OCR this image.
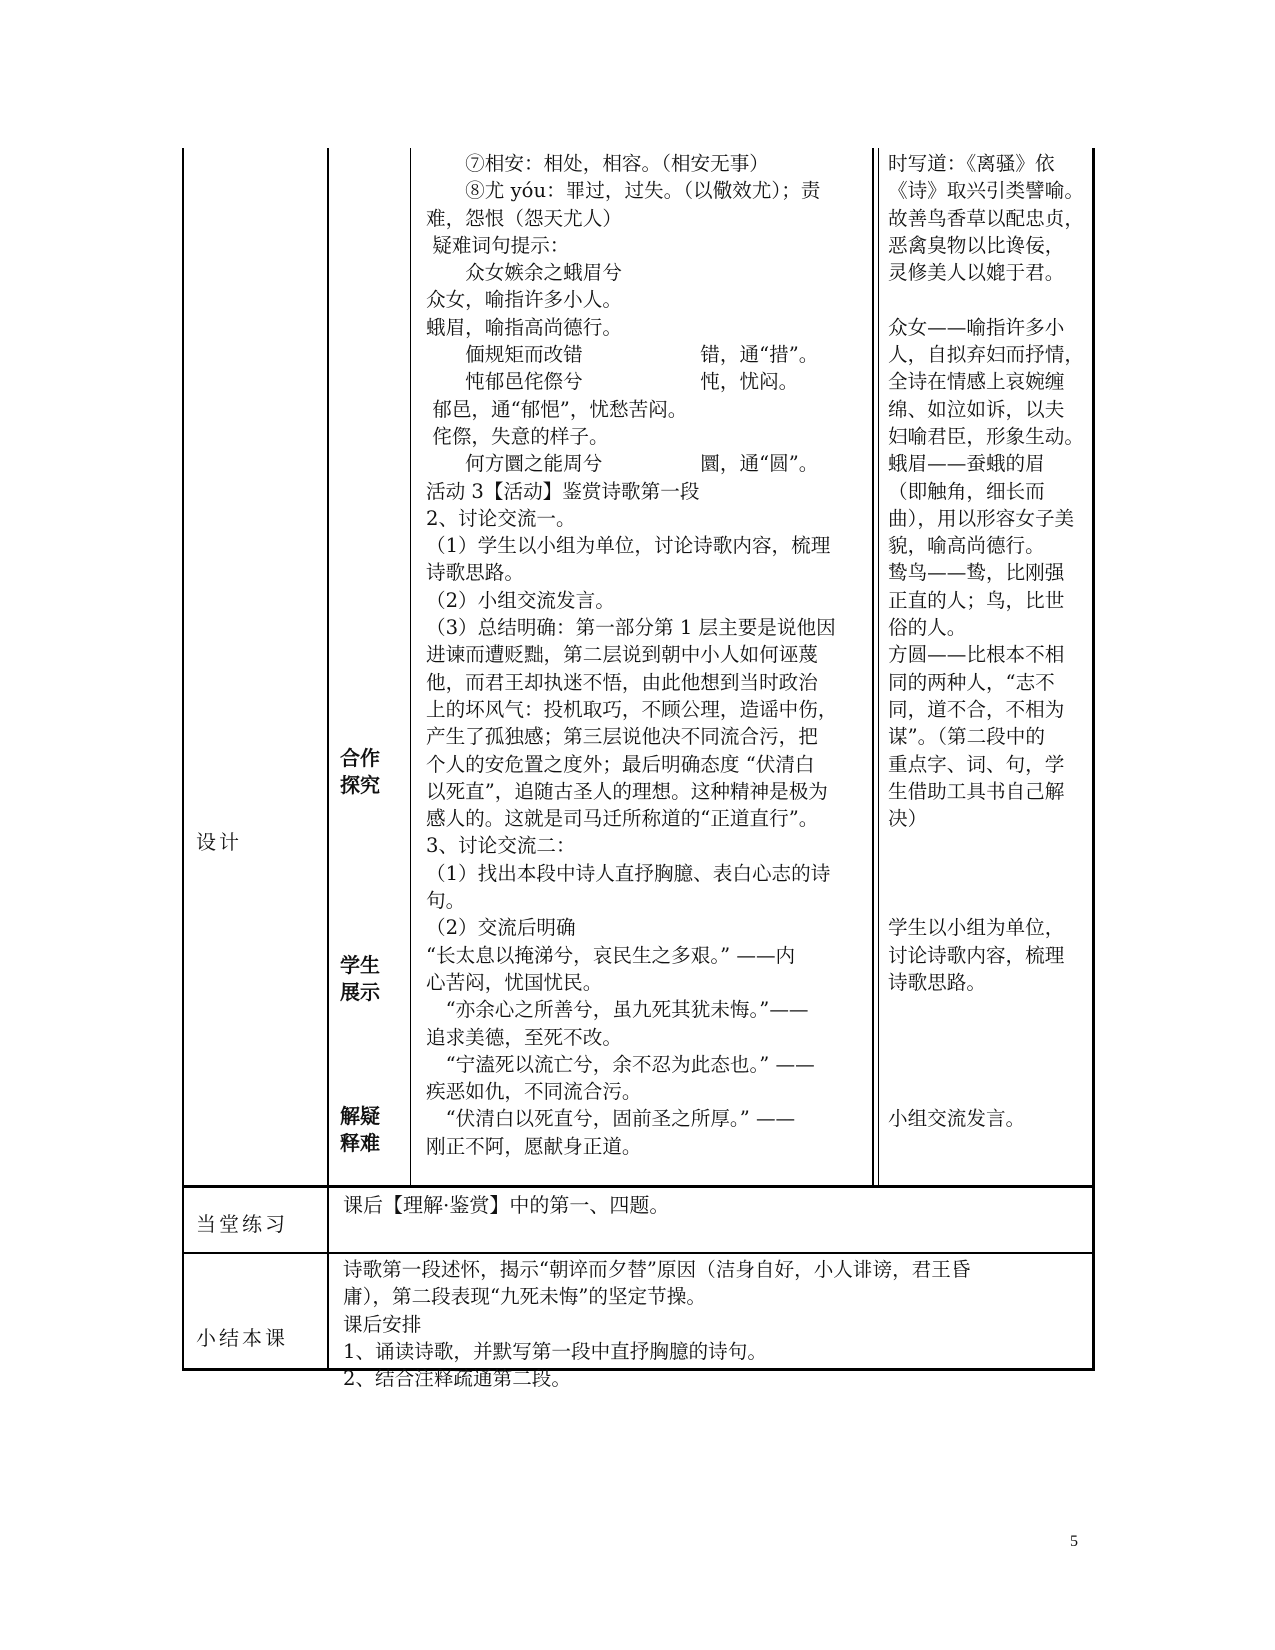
设计
当堂练习
小结本课
合作
探究
学生
展示
解疑
释难
　　⑦相安：相处，相容。（相安无事）
　　⑧尤 yóu：罪过，过失。（以儆效尤）；责
难，怨恨（怨天尤人）
疑难词句提示：
　　众女嫉余之蛾眉兮
众女，喻指许多小人。
蛾眉，喻指高尚德行。
　　偭规矩而改错　　　　　　错，通“措”。
　　忳郁邑侘傺兮　　　　　　忳，忧闷。
郁邑，通“郁悒”，忧愁苦闷。
侘傺，失意的样子。
　　何方圜之能周兮　　　　　圜，通“圆”。
活动 3【活动】鉴赏诗歌第一段
2、讨论交流一。
（1）学生以小组为单位，讨论诗歌内容，梳理
诗歌思路。
（2）小组交流发言。
（3）总结明确：第一部分第 1 层主要是说他因
进谏而遭贬黜，第二层说到朝中小人如何诬蔑
他，而君王却执迷不悟，由此他想到当时政治
上的坏风气：投机取巧，不顾公理，造谣中伤，
产生了孤独感；第三层说他决不同流合污，把
个人的安危置之度外；最后明确态度 “伏清白
以死直”，追随古圣人的理想。这种精神是极为
感人的。这就是司马迁所称道的“正道直行”。
3、讨论交流二：
（1）找出本段中诗人直抒胸臆、表白心志的诗
句。
（2）交流后明确
“长太息以掩涕兮，哀民生之多艰。” ——内
心苦闷，忧国忧民。
　“亦余心之所善兮，虽九死其犹未悔。”——
追求美德，至死不改。
　“宁溘死以流亡兮，余不忍为此态也。” ——
疾恶如仇，不同流合污。
　“伏清白以死直兮，固前圣之所厚。” ——
刚正不阿，愿献身正道。
时写道：《离骚》依
《诗》取兴引类譬喻。
故善鸟香草以配忠贞，
恶禽臭物以比谗佞，
灵修美人以媲于君。
众女——喻指许多小
人，自拟弃妇而抒情，
全诗在情感上哀婉缠
绵、如泣如诉，以夫
妇喻君臣，形象生动。
蛾眉——蚕蛾的眉
（即触角，细长而
曲），用以形容女子美
貌，喻高尚德行。
鸷鸟——鸷，比刚强
正直的人；鸟，比世
俗的人。
方圆——比根本不相
同的两种人，“志不
同，道不合，不相为
谋”。（第二段中的
重点字、词、句，学
生借助工具书自己解
决）
学生以小组为单位，
讨论诗歌内容，梳理
诗歌思路。
小组交流发言。
课后【理解·鉴赏】中的第一、四题。
诗歌第一段述怀，揭示“朝谇而夕替”原因（洁身自好，小人诽谤，君王昏
庸），第二段表现“九死未悔”的坚定节操。
课后安排
1、诵读诗歌，并默写第一段中直抒胸臆的诗句。
2、结合注释疏通第二段。
5
